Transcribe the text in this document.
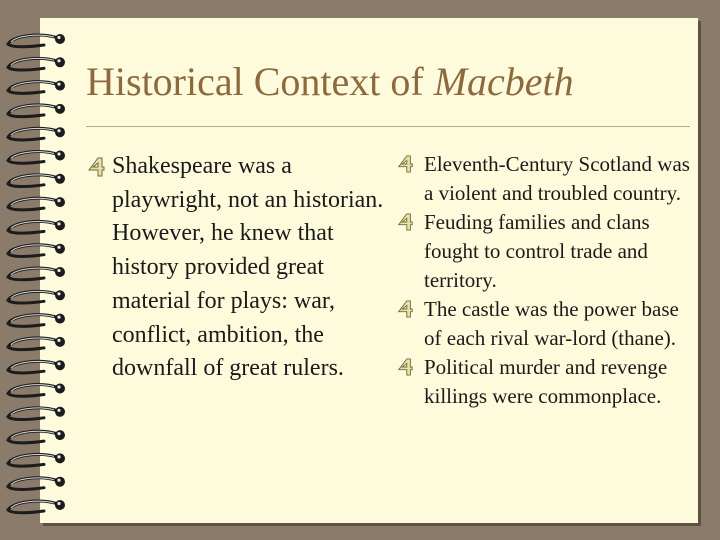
Historical Context of Macbeth
Shakespeare was a playwright, not an historian. However, he knew that history provided great material for plays: war, conflict, ambition, the downfall of great rulers.
Eleventh-Century Scotland was a violent and troubled country.
Feuding families and clans fought to control trade and territory.
The castle was the power base of each rival war-lord (thane).
Political murder and revenge killings were commonplace.
